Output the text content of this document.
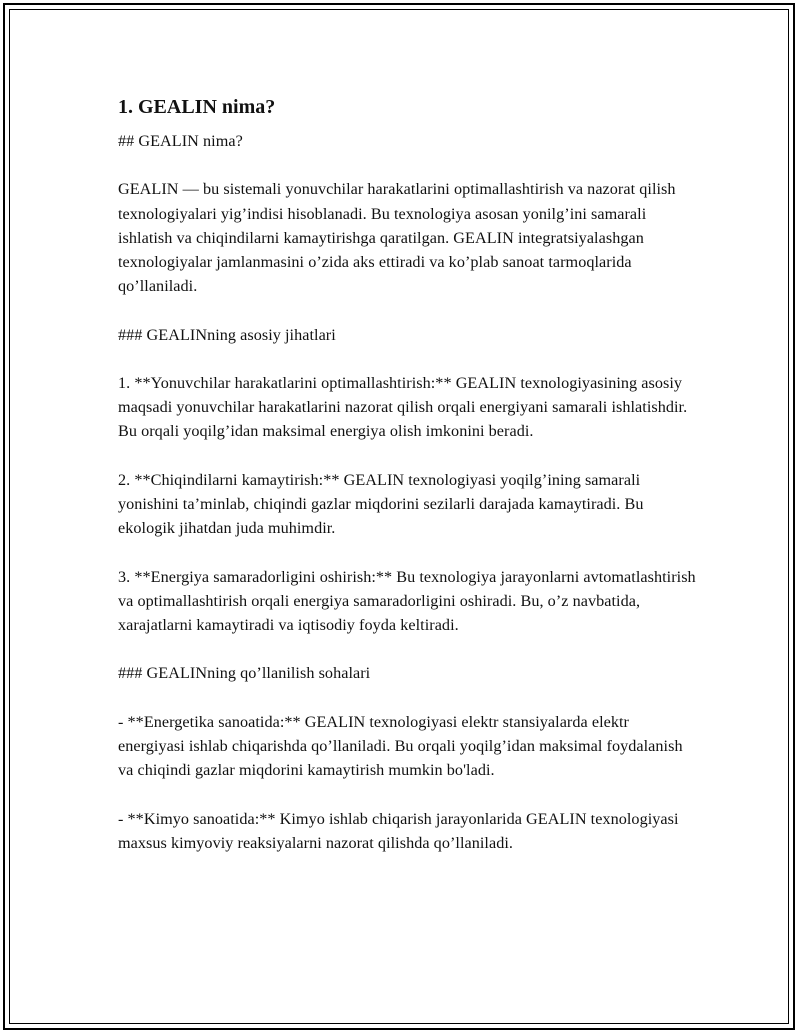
1. GEALIN nima?

## GEALIN nima?

GEALIN — bu sistemali yonuvchilar harakatlarini optimallashtirish va nazorat qilish texnologiyalari yig’indisi hisoblanadi. Bu texnologiya asosan yonilg’ini samarali ishlatish va chiqindilarni kamaytirishga qaratilgan. GEALIN integratsiyalashgan texnologiyalar jamlanmasini o’zida aks ettiradi va ko’plab sanoat tarmoqlarida qo’llaniladi.

### GEALINning asosiy jihatlari

1. **Yonuvchilar harakatlarini optimallashtirish:** GEALIN texnologiyasining asosiy maqsadi yonuvchilar harakatlarini nazorat qilish orqali energiyani samarali ishlatishdir. Bu orqali yoqilg’idan maksimal energiya olish imkonini beradi.

2. **Chiqindilarni kamaytirish:** GEALIN texnologiyasi yoqilg’ining samarali yonishini ta’minlab, chiqindi gazlar miqdorini sezilarli darajada kamaytiradi. Bu ekologik jihatdan juda muhimdir.

3. **Energiya samaradorligini oshirish:** Bu texnologiya jarayonlarni avtomatlashtirish va optimallashtirish orqali energiya samaradorligini oshiradi. Bu, o’z navbatida, xarajatlarni kamaytiradi va iqtisodiy foyda keltiradi.

### GEALINning qo’llanilish sohalari

- **Energetika sanoatida:** GEALIN texnologiyasi elektr stansiyalarda elektr energiyasi ishlab chiqarishda qo’llaniladi. Bu orqali yoqilg’idan maksimal foydalanish va chiqindi gazlar miqdorini kamaytirish mumkin bo'ladi.

- **Kimyo sanoatida:** Kimyo ishlab chiqarish jarayonlarida GEALIN texnologiyasi maxsus kimyoviy reaksiyalarni nazorat qilishda qo’llaniladi.
